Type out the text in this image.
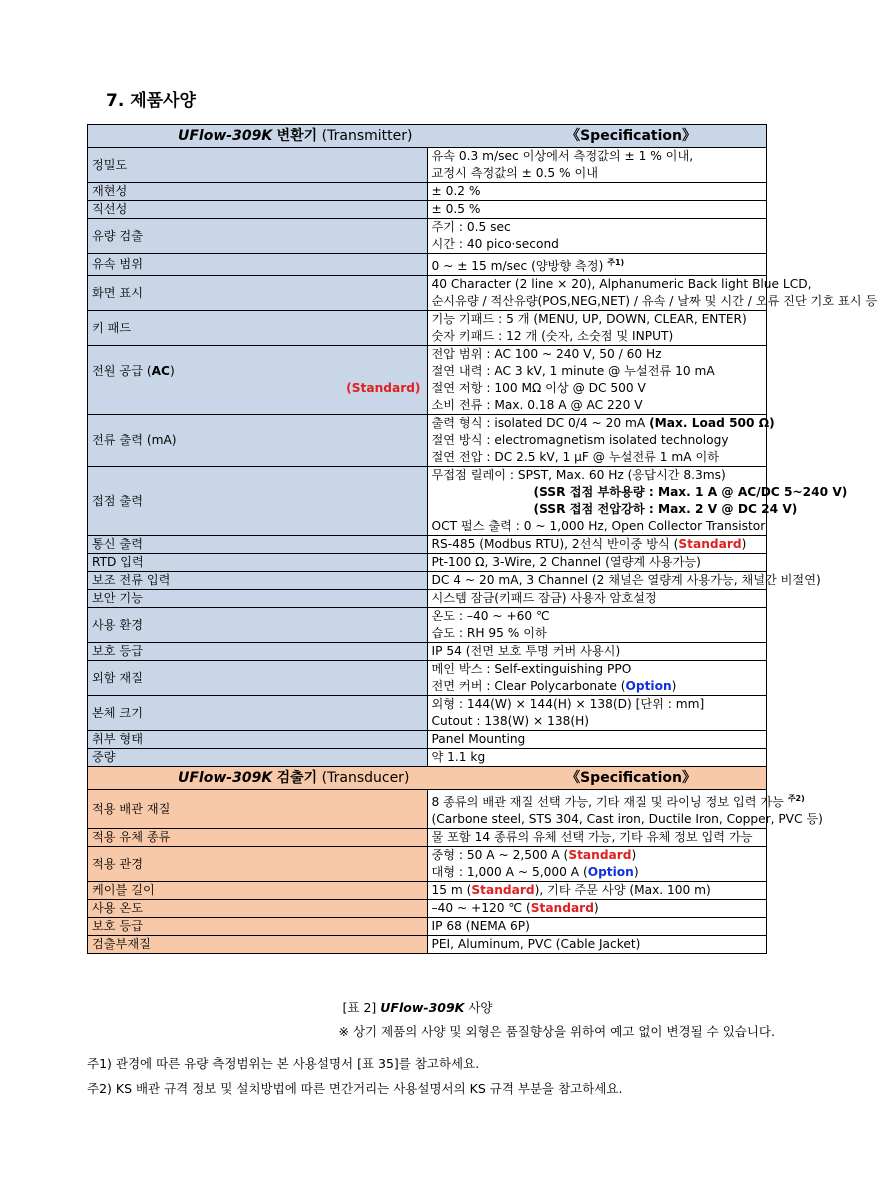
7. 제품사양
UFlow-309K 변환기 (Transmitter) 《Specification》	

정밀도	유속 0.3 m/sec 이상에서 측정값의 ± 1 % 이내,
교정시 측정값의 ± 0.5 % 이내

재현성	± 0.2 %

직선성	± 0.5 %

유량 검출	주기 : 0.5 sec
시간 : 40 pico·second

유속 범위	0 ~ ± 15 m/sec (양방향 측정) $^{주1)}$
화면 표시	40 Character (2 line × 20), Alphanumeric Back light Blue LCD,
순시유량 / 적산유량(POS,NEG,NET) / 유속 / 날짜 및 시간 / 오류 진단 기호 표시 등

키 패드	기능 기패드 : 5 개 (MENU, UP, DOWN, CLEAR, ENTER)
숫자 키패드 : 12 개 (숫자, 소숫점 및 INPUT)

전원 공급 (AC)
(Standard)	전압 범위 : AC 100 ~ 240 V, 50 / 60 Hz
절연 내력 : AC 3 kV, 1 minute @ 누설전류 10 mA
절연 저항 : 100 MΩ 이상 @ DC 500 V
소비 전류 : Max. 0.18 A @ AC 220 V

전류 출력 (mA)	출력 형식 : isolated DC 0/4 ~ 20 mA (Max. Load 500 Ω)
절연 방식 : electromagnetism isolated technology
절연 전압 : DC 2.5 kV, 1 μF @ 누설전류 1 mA 이하

접점 출력	무접점 릴레이 : SPST, Max. 60 Hz (응답시간 8.3ms)
(SSR 접점 부하용량 : Max. 1 A @ AC/DC 5~240 V)
(SSR 접점 전압강하 : Max. 2 V @ DC 24 V)
OCT 펄스 출력 : 0 ~ 1,000 Hz, Open Collector Transistor

통신 출력	RS-485 (Modbus RTU), 2선식 반이중 방식 (Standard)
RTD 입력	Pt-100 Ω, 3-Wire, 2 Channel (열량계 사용가능)

보조 전류 입력	DC 4 ~ 20 mA, 3 Channel (2 채널은 열량계 사용가능, 채널간 비절연)

보안 기능	시스템 잠금(키패드 잠금) 사용자 암호설정

사용 환경	온도 : –40 ~ +60 ℃
습도 : RH 95 % 이하

보호 등급	IP 54 (전면 보호 투명 커버 사용시)

외함 재질	메인 박스 : Self-extinguishing PPO
전면 커버 : Clear Polycarbonate (Option)

본체 크기	외형 : 144(W) × 144(H) × 138(D) [단위 : mm]
Cutout : 138(W) × 138(H)

취부 형태	Panel Mounting

중량	약 1.1 kg

UFlow-309K 검출기 (Transducer) 《Specification》	

적용 배관 재질	8 종류의 배관 재질 선택 가능, 기타 재질 및 라이닝 정보 입력 가능 $^{주2)}$
(Carbone steel, STS 304, Cast iron, Ductile Iron, Copper, PVC 등)

적용 유체 종류	물 포함 14 종류의 유체 선택 가능, 기타 유체 정보 입력 가능
적용 관경	중형 : 50 A ~ 2,500 A (Standard)
대형 : 1,000 A ~ 5,000 A (Option)

케이블 길이	15 m (Standard), 기타 주문 사양 (Max. 100 m)
사용 온도	–40 ~ +120 ℃ (Standard)
보호 등급	IP 68 (NEMA 6P)
검출부재질	PEI, Aluminum, PVC (Cable Jacket)
[표 2] UFlow-309K 사양
※ 상기 제품의 사양 및 외형은 품질향상을 위하여 예고 없이 변경될 수 있습니다.
주1) 관경에 따른 유량 측정범위는 본 사용설명서 [표 35]를 참고하세요.
주2) KS 배관 규격 정보 및 설치방법에 따른 면간거리는 사용설명서의 KS 규격 부분을 참고하세요.
